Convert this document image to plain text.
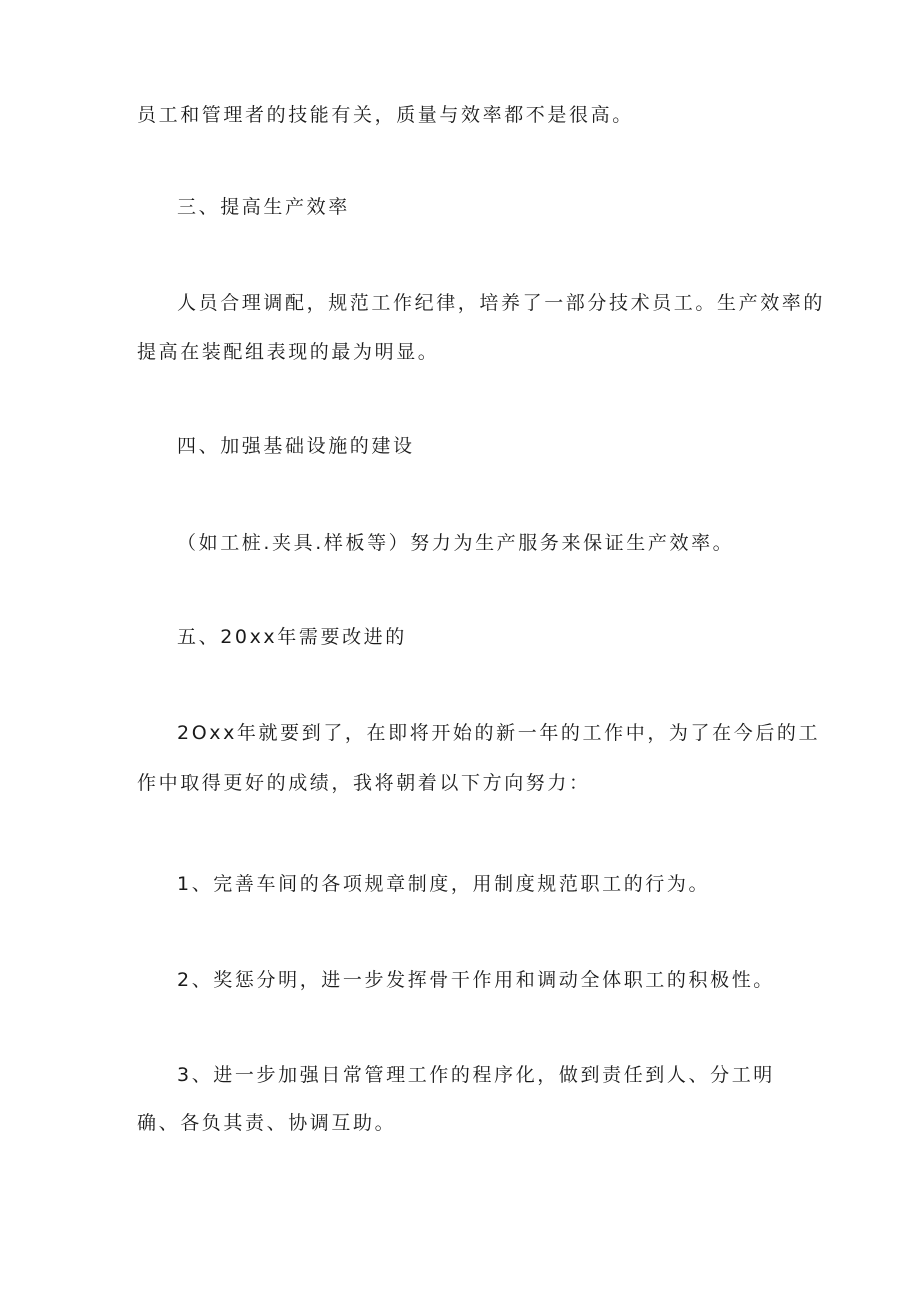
员工和管理者的技能有关，质量与效率都不是很高。
三、提高生产效率
人员合理调配，规范工作纪律，培养了一部分技术员工。生产效率的
提高在装配组表现的最为明显。
四、加强基础设施的建设
（如工桩.夹具.样板等）努力为生产服务来保证生产效率。
五、20xx年需要改进的
2Oxx年就要到了，在即将开始的新一年的工作中，为了在今后的工
作中取得更好的成绩，我将朝着以下方向努力：
1、完善车间的各项规章制度，用制度规范职工的行为。
2、奖惩分明，进一步发挥骨干作用和调动全体职工的积极性。
3、进一步加强日常管理工作的程序化，做到责任到人、分工明
确、各负其责、协调互助。
